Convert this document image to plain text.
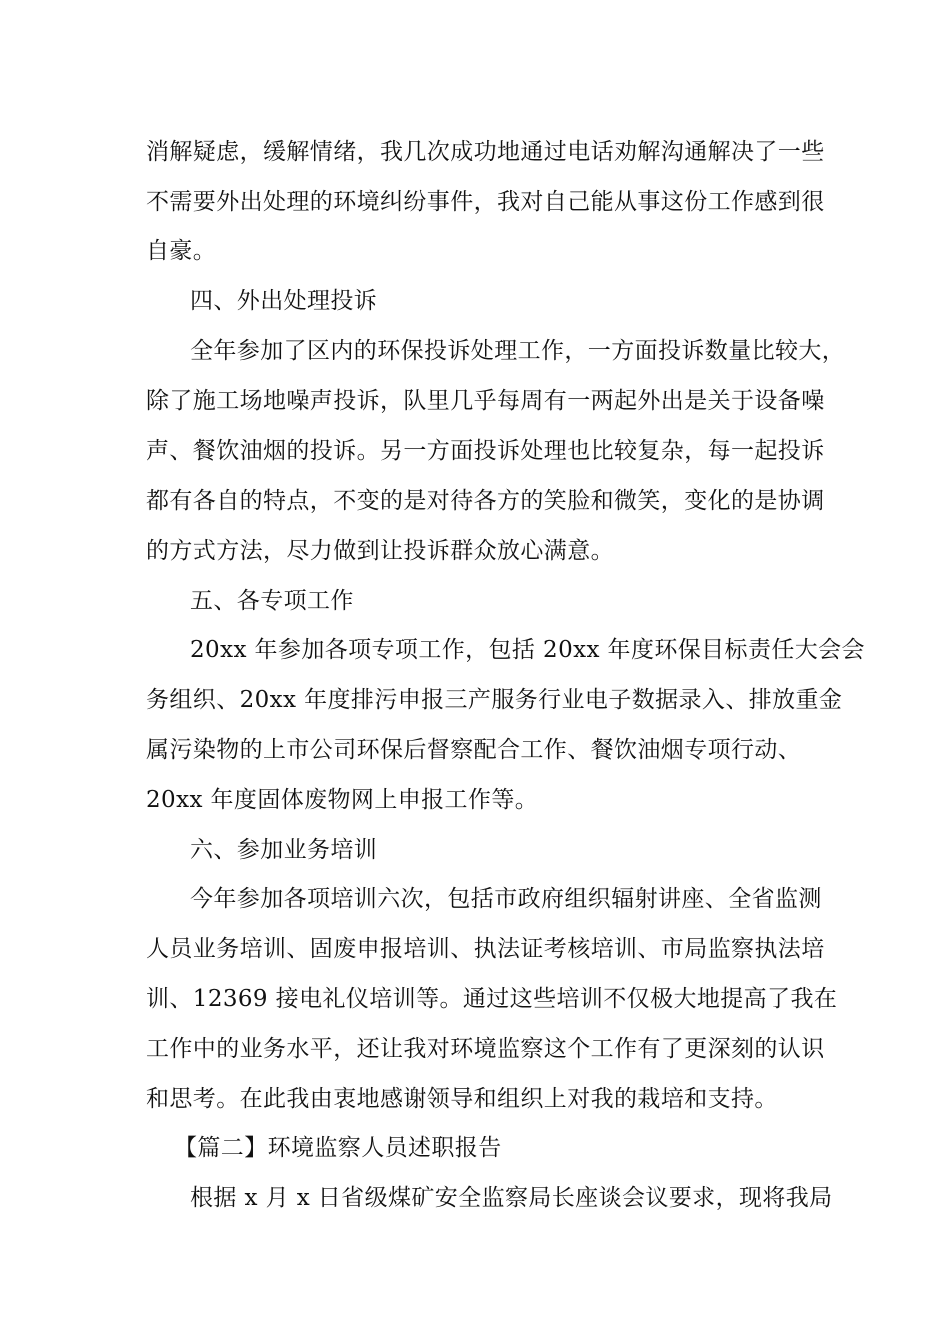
消解疑虑，缓解情绪，我几次成功地通过电话劝解沟通解决了一些
不需要外出处理的环境纠纷事件，我对自己能从事这份工作感到很
自豪。
四、外出处理投诉
全年参加了区内的环保投诉处理工作，一方面投诉数量比较大，
除了施工场地噪声投诉，队里几乎每周有一两起外出是关于设备噪
声、餐饮油烟的投诉。另一方面投诉处理也比较复杂，每一起投诉
都有各自的特点，不变的是对待各方的笑脸和微笑，变化的是协调
的方式方法，尽力做到让投诉群众放心满意。
五、各专项工作
20xx 年参加各项专项工作，包括 20xx 年度环保目标责任大会会
务组织、20xx 年度排污申报三产服务行业电子数据录入、排放重金
属污染物的上市公司环保后督察配合工作、餐饮油烟专项行动、
20xx 年度固体废物网上申报工作等。
六、参加业务培训
今年参加各项培训六次，包括市政府组织辐射讲座、全省监测
人员业务培训、固废申报培训、执法证考核培训、市局监察执法培
训、12369 接电礼仪培训等。通过这些培训不仅极大地提高了我在
工作中的业务水平，还让我对环境监察这个工作有了更深刻的认识
和思考。在此我由衷地感谢领导和组织上对我的栽培和支持。
【篇二】环境监察人员述职报告
根据 x 月 x 日省级煤矿安全监察局长座谈会议要求，现将我局
